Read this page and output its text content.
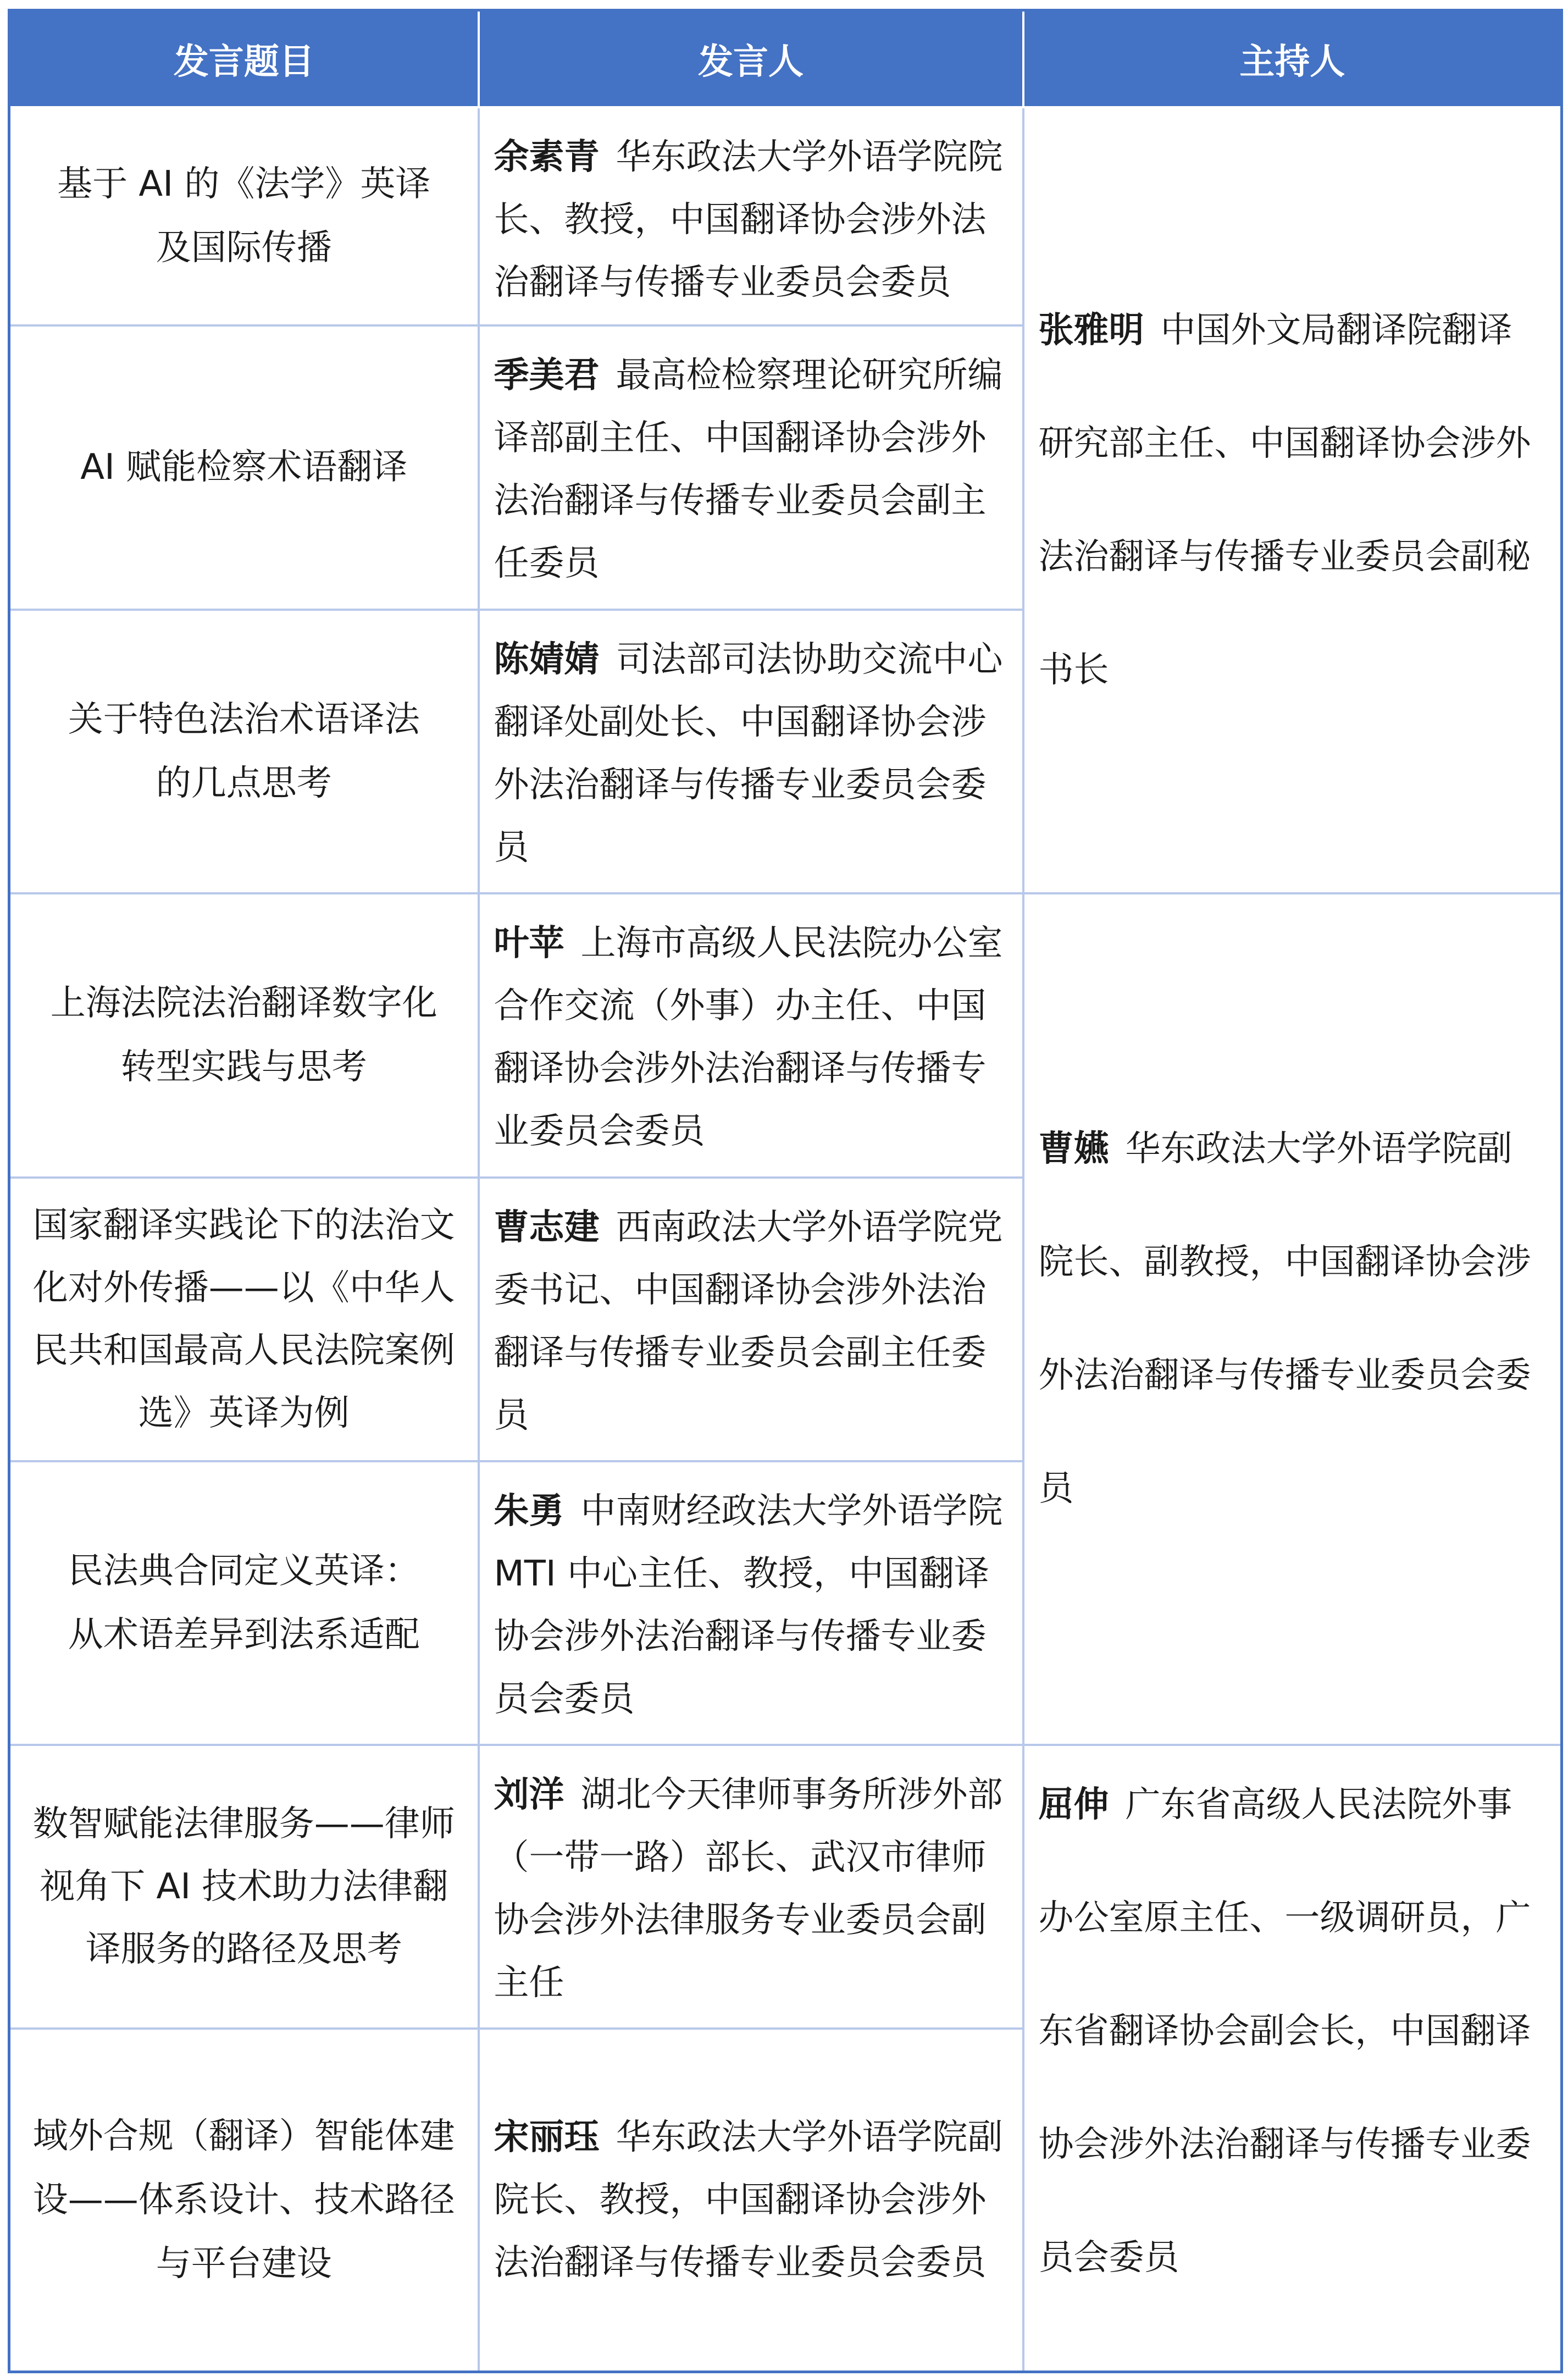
发言题目	发言人	主持人
基于 AI 的《法学》英译及国际传播	余素青 华东政法大学外语学院院长、教授，中国翻译协会涉外法治翻译与传播专业委员会委员	张雅明 中国外文局翻译院翻译研究部主任、中国翻译协会涉外法治翻译与传播专业委员会副秘书长
AI 赋能检察术语翻译	季美君 最高检检察理论研究所编译部副主任、中国翻译协会涉外法治翻译与传播专业委员会副主任委员	
关于特色法治术语译法的几点思考	陈婧婧 司法部司法协助交流中心翻译处副处长、中国翻译协会涉外法治翻译与传播专业委员会委员	
上海法院法治翻译数字化转型实践与思考	叶苹 上海市高级人民法院办公室合作交流（外事）办主任、中国翻译协会涉外法治翻译与传播专业委员会委员	曹嬿 华东政法大学外语学院副院长、副教授，中国翻译协会涉外法治翻译与传播专业委员会委员
国家翻译实践论下的法治文化对外传播——以《中华人民共和国最高人民法院案例选》英译为例	曹志建 西南政法大学外语学院党委书记、中国翻译协会涉外法治翻译与传播专业委员会副主任委员	
民法典合同定义英译：从术语差异到法系适配	朱勇 中南财经政法大学外语学院 MTI 中心主任、教授，中国翻译协会涉外法治翻译与传播专业委员会委员	
数智赋能法律服务——律师视角下 AI 技术助力法律翻译服务的路径及思考	刘洋 湖北今天律师事务所涉外部（一带一路）部长、武汉市律师协会涉外法律服务专业委员会副主任	屈伸 广东省高级人民法院外事办公室原主任、一级调研员，广东省翻译协会副会长，中国翻译协会涉外法治翻译与传播专业委员会委员
域外合规（翻译）智能体建设——体系设计、技术路径与平台建设	宋丽珏 华东政法大学外语学院副院长、教授，中国翻译协会涉外法治翻译与传播专业委员会委员	
